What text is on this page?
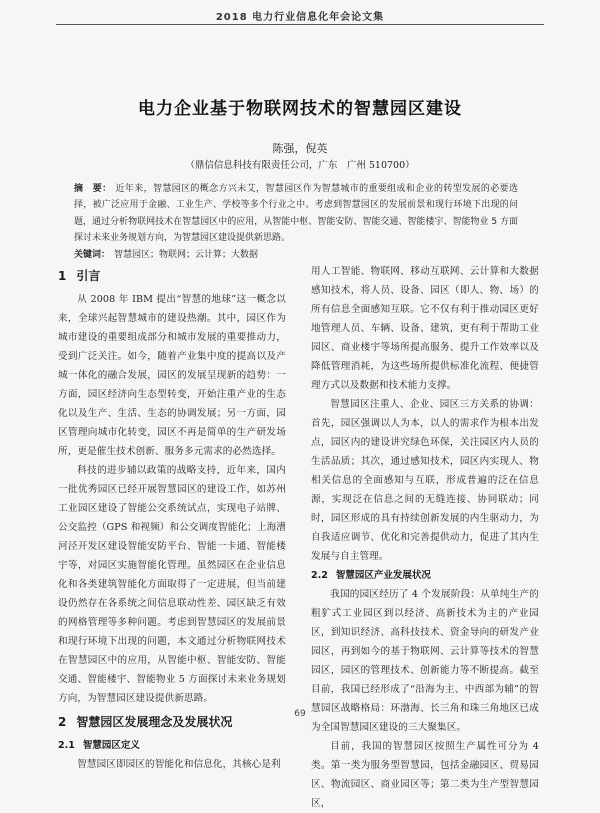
2018 电力行业信息化年会论文集
电力企业基于物联网技术的智慧园区建设
陈强，倪英
（鼎信信息科技有限责任公司，广东　广州 510700）
摘　要： 近年来，智慧园区的概念方兴未艾，智慧园区作为智慧城市的重要组成和企业的转型发展的必要选择，被广泛应用于金融、工业生产、学校等多个行业之中。考虑到智慧园区的发展前景和现行环境下出现的问题，通过分析物联网技术在智慧园区中的应用，从智能中枢、智能安防、智能交通、智能楼宇、智能物业 5 方面探讨未来业务规划方向，为智慧园区建设提供新思路。
关键词： 智慧园区；物联网；云计算；大数据
1 引言

从 2008 年 IBM 提出“智慧的地球”这一概念以来，全球兴起智慧城市的建设热潮。其中，园区作为城市建设的重要组成部分和城市发展的重要推动力，受到广泛关注。如今，随着产业集中度的提高以及产城一体化的融合发展，园区的发展呈现新的趋势：一方面，园区经济向生态型转变，开始注重产业的生态化以及生产、生活、生态的协调发展；另一方面，园区管理向城市化转变，园区不再是简单的生产研发场所，更是催生技术创新、服务多元需求的必然选择。

科技的进步辅以政策的战略支持，近年来，国内一批优秀园区已经开展智慧园区的建设工作，如苏州工业园区建设了智能公交系统试点，实现电子站牌、公交监控（GPS 和视频）和公交调度智能化；上海漕河泾开发区建设智能安防平台、智能一卡通、智能楼宇等，对园区实施智能化管理。虽然园区在企业信息化和各类建筑智能化方面取得了一定进展，但当前建设仍然存在各系统之间信息联动性差、园区缺乏有效的网格管理等多种问题。考虑到智慧园区的发展前景和现行环境下出现的问题，本文通过分析物联网技术在智慧园区中的应用，从智能中枢、智能安防、智能交通、智能楼宇、智能物业 5 方面探讨未来业务规划方向，为智慧园区建设提供新思路。

2 智慧园区发展理念及发展状况
2.1 智慧园区定义

智慧园区即园区的智能化和信息化，其核心是利

用人工智能、物联网、移动互联网、云计算和大数据感知技术，将人员、设备、园区（即人、物、场）的所有信息全面感知互联。它不仅有利于推动园区更好地管理人员、车辆、设备、建筑，更有利于帮助工业园区、商业楼宇等场所提高服务、提升工作效率以及降低管理消耗，为这些场所提供标准化流程、便捷管理方式以及数据和技术能力支撑。

智慧园区注重人、企业、园区三方关系的协调：首先，园区强调以人为本，以人的需求作为根本出发点，园区内的建设讲究绿色环保，关注园区内人员的生活品质；其次，通过感知技术，园区内实现人、物相关信息的全面感知与互联，形成普遍的泛在信息源，实现泛在信息之间的无缝连接、协同联动；同时，园区形成的具有持续创新发展的内生驱动力，为自我适应调节、优化和完善提供动力，促进了其内生发展与自主管理。

2.2 智慧园区产业发展状况

我国的园区经历了 4 个发展阶段：从单纯生产的粗犷式工业园区到以经济、高新技术为主的产业园区，到知识经济、高科技技术、资金导向的研发产业园区，再到如今的基于物联网、云计算等技术的智慧园区，园区的管理技术、创新能力等不断提高。截至目前，我国已经形成了“沿海为主、中西部为辅”的智慧园区战略格局：环渤海、长三角和珠三角地区已成为全国智慧园区建设的三大聚集区。

目前，我国的智慧园区按照生产属性可分为 4 类。第一类为服务型智慧园，包括金融园区、贸易园区、物流园区、商业园区等；第二类为生产型智慧园区，

69
